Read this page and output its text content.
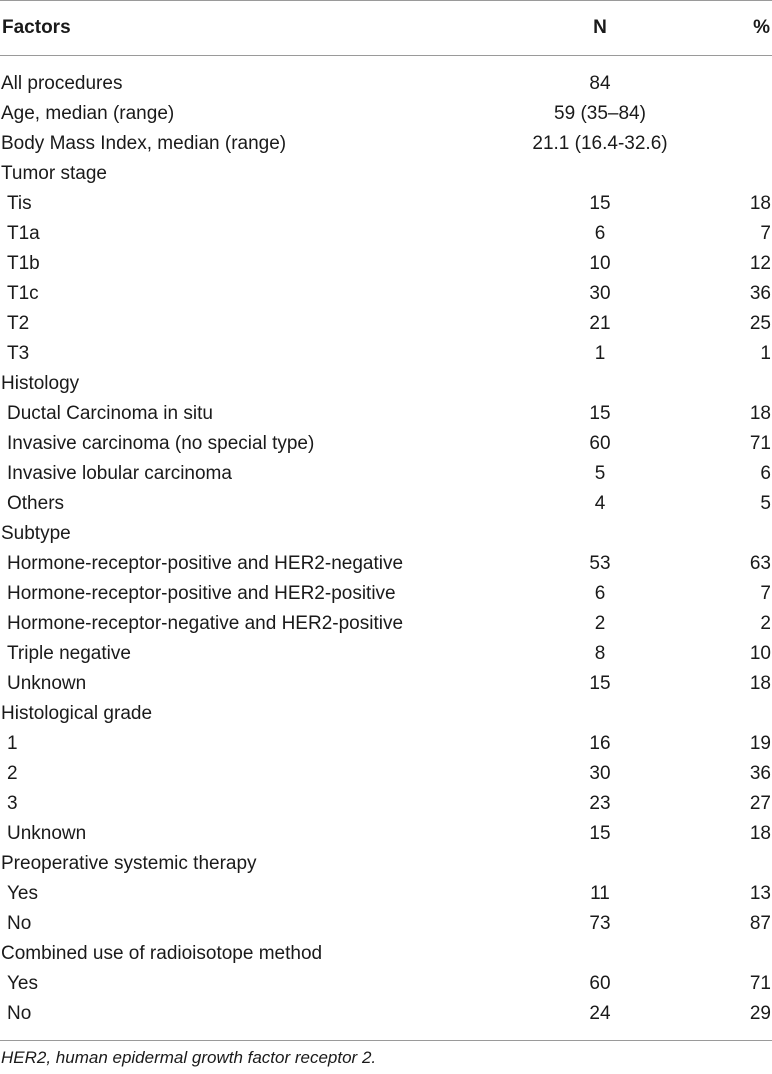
Factors	N	%
All procedures	84
Age, median (range)	59 (35–84)
Body Mass Index, median (range)	21.1 (16.4-32.6)
Tumor stage
Tis	15	18
T1a	6	7
T1b	10	12
T1c	30	36
T2	21	25
T3	1	1
Histology
Ductal Carcinoma in situ	15	18
Invasive carcinoma (no special type)	60	71
Invasive lobular carcinoma	5	6
Others	4	5
Subtype
Hormone-receptor-positive and HER2-negative	53	63
Hormone-receptor-positive and HER2-positive	6	7
Hormone-receptor-negative and HER2-positive	2	2
Triple negative	8	10
Unknown	15	18
Histological grade
1	16	19
2	30	36
3	23	27
Unknown	15	18
Preoperative systemic therapy
Yes	11	13
No	73	87
Combined use of radioisotope method
Yes	60	71
No	24	29
HER2, human epidermal growth factor receptor 2.
